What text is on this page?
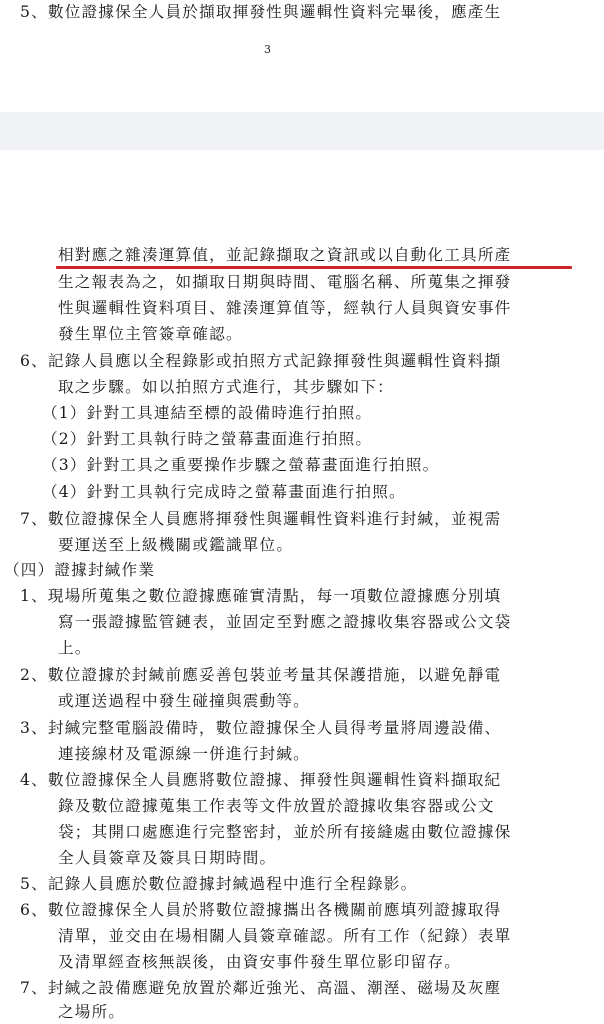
5、數位證據保全人員於擷取揮發性與邏輯性資料完畢後，應產生
3
相對應之雜湊運算值，並記錄擷取之資訊或以自動化工具所產
生之報表為之，如擷取日期與時間、電腦名稱、所蒐集之揮發
性與邏輯性資料項目、雜湊運算值等，經執行人員與資安事件
發生單位主管簽章確認。
6、記錄人員應以全程錄影或拍照方式記錄揮發性與邏輯性資料擷
取之步驟。如以拍照方式進行，其步驟如下：
（1）針對工具連結至標的設備時進行拍照。
（2）針對工具執行時之螢幕畫面進行拍照。
（3）針對工具之重要操作步驟之螢幕畫面進行拍照。
（4）針對工具執行完成時之螢幕畫面進行拍照。
7、數位證據保全人員應將揮發性與邏輯性資料進行封緘，並視需
要運送至上級機關或鑑識單位。
（四）證據封緘作業
1、現場所蒐集之數位證據應確實清點，每一項數位證據應分別填
寫一張證據監管鏈表，並固定至對應之證據收集容器或公文袋
上。
2、數位證據於封緘前應妥善包裝並考量其保護措施，以避免靜電
或運送過程中發生碰撞與震動等。
3、封緘完整電腦設備時，數位證據保全人員得考量將周邊設備、
連接線材及電源線一併進行封緘。
4、數位證據保全人員應將數位證據、揮發性與邏輯性資料擷取紀
錄及數位證據蒐集工作表等文件放置於證據收集容器或公文
袋；其開口處應進行完整密封，並於所有接縫處由數位證據保
全人員簽章及簽具日期時間。
5、記錄人員應於數位證據封緘過程中進行全程錄影。
6、數位證據保全人員於將數位證據攜出各機關前應填列證據取得
清單，並交由在場相關人員簽章確認。所有工作（紀錄）表單
及清單經查核無誤後，由資安事件發生單位影印留存。
7、封緘之設備應避免放置於鄰近強光、高溫、潮溼、磁場及灰塵
之場所。
